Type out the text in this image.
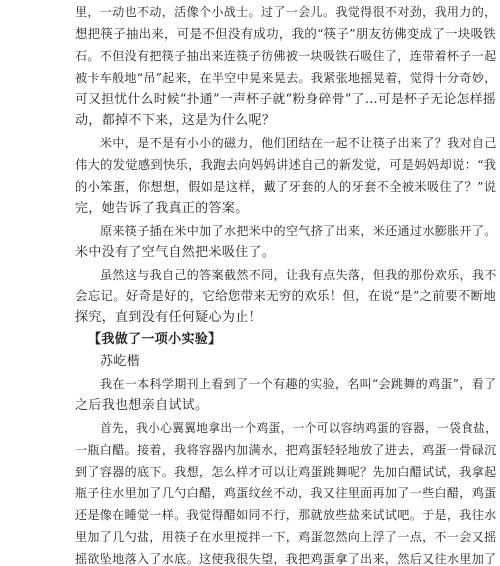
里，一动也不动，活像个小战士。过了一会儿。我觉得很不对劲，我用力的，
想把筷子抽出来，可是不但没有成功，我的“筷子”朋友彷佛变成了一块吸铁
石。不但没有把筷子抽出来连筷子彷佛被一块吸铁石吸住了，连带着杯子一起
被卡车般地“吊”起来，在半空中晃来晃去。我紧张地摇晃着，觉得十分奇妙，
可又担忧什么时候“扑通”一声杯子就“粉身碎骨”了…可是杯子无论怎样摇
动，都掉不下来，这是为什么呢？
米中，是不是有小小的磁力，他们团结在一起不让筷子出来了？我对自己
伟大的发觉感到快乐，我跑去向妈妈讲述自己的新发觉，可是妈妈却说：“我
的小笨蛋，你想想，假如是这样，戴了牙套的人的牙套不全被米吸住了？”说
完，她告诉了我真正的答案。
原来筷子插在米中加了水把米中的空气挤了出来，米还通过水膨胀开了。
米中没有了空气自然把米吸住了。
虽然这与我自己的答案截然不同，让我有点失落，但我的那份欢乐，我不
会忘记。好奇是好的，它给您带来无穷的欢乐！但，在说“是”之前要不断地
探究，直到没有任何疑心为止！
【我做了一项小实验】
苏屹楷
我在一本科学期刊上看到了一个有趣的实验，名叫“会跳舞的鸡蛋”，看了
之后我也想亲自试试。
首先，我小心翼翼地拿出一个鸡蛋，一个可以容纳鸡蛋的容器，一袋食盐，
一瓶白醋。接着，我将容器内加满水，把鸡蛋轻轻地放了进去，鸡蛋一骨碌沉
到了容器的底下。我想，怎么样才可以让鸡蛋跳舞呢？先加白醋试试，我拿起
瓶子往水里加了几勺白醋，鸡蛋纹丝不动，我又往里面再加了一些白醋，鸡蛋
还是像在睡觉一样。我觉得醋如同不行，那就放些盐来试试吧。于是，我往水
里加了几勺盐，用筷子在水里搅拌一下，鸡蛋忽然向上浮了一点，不一会又摇
摇欲坠地落入了水底。这使我很失望，我把鸡蛋拿了出来，然后又往水里加了
